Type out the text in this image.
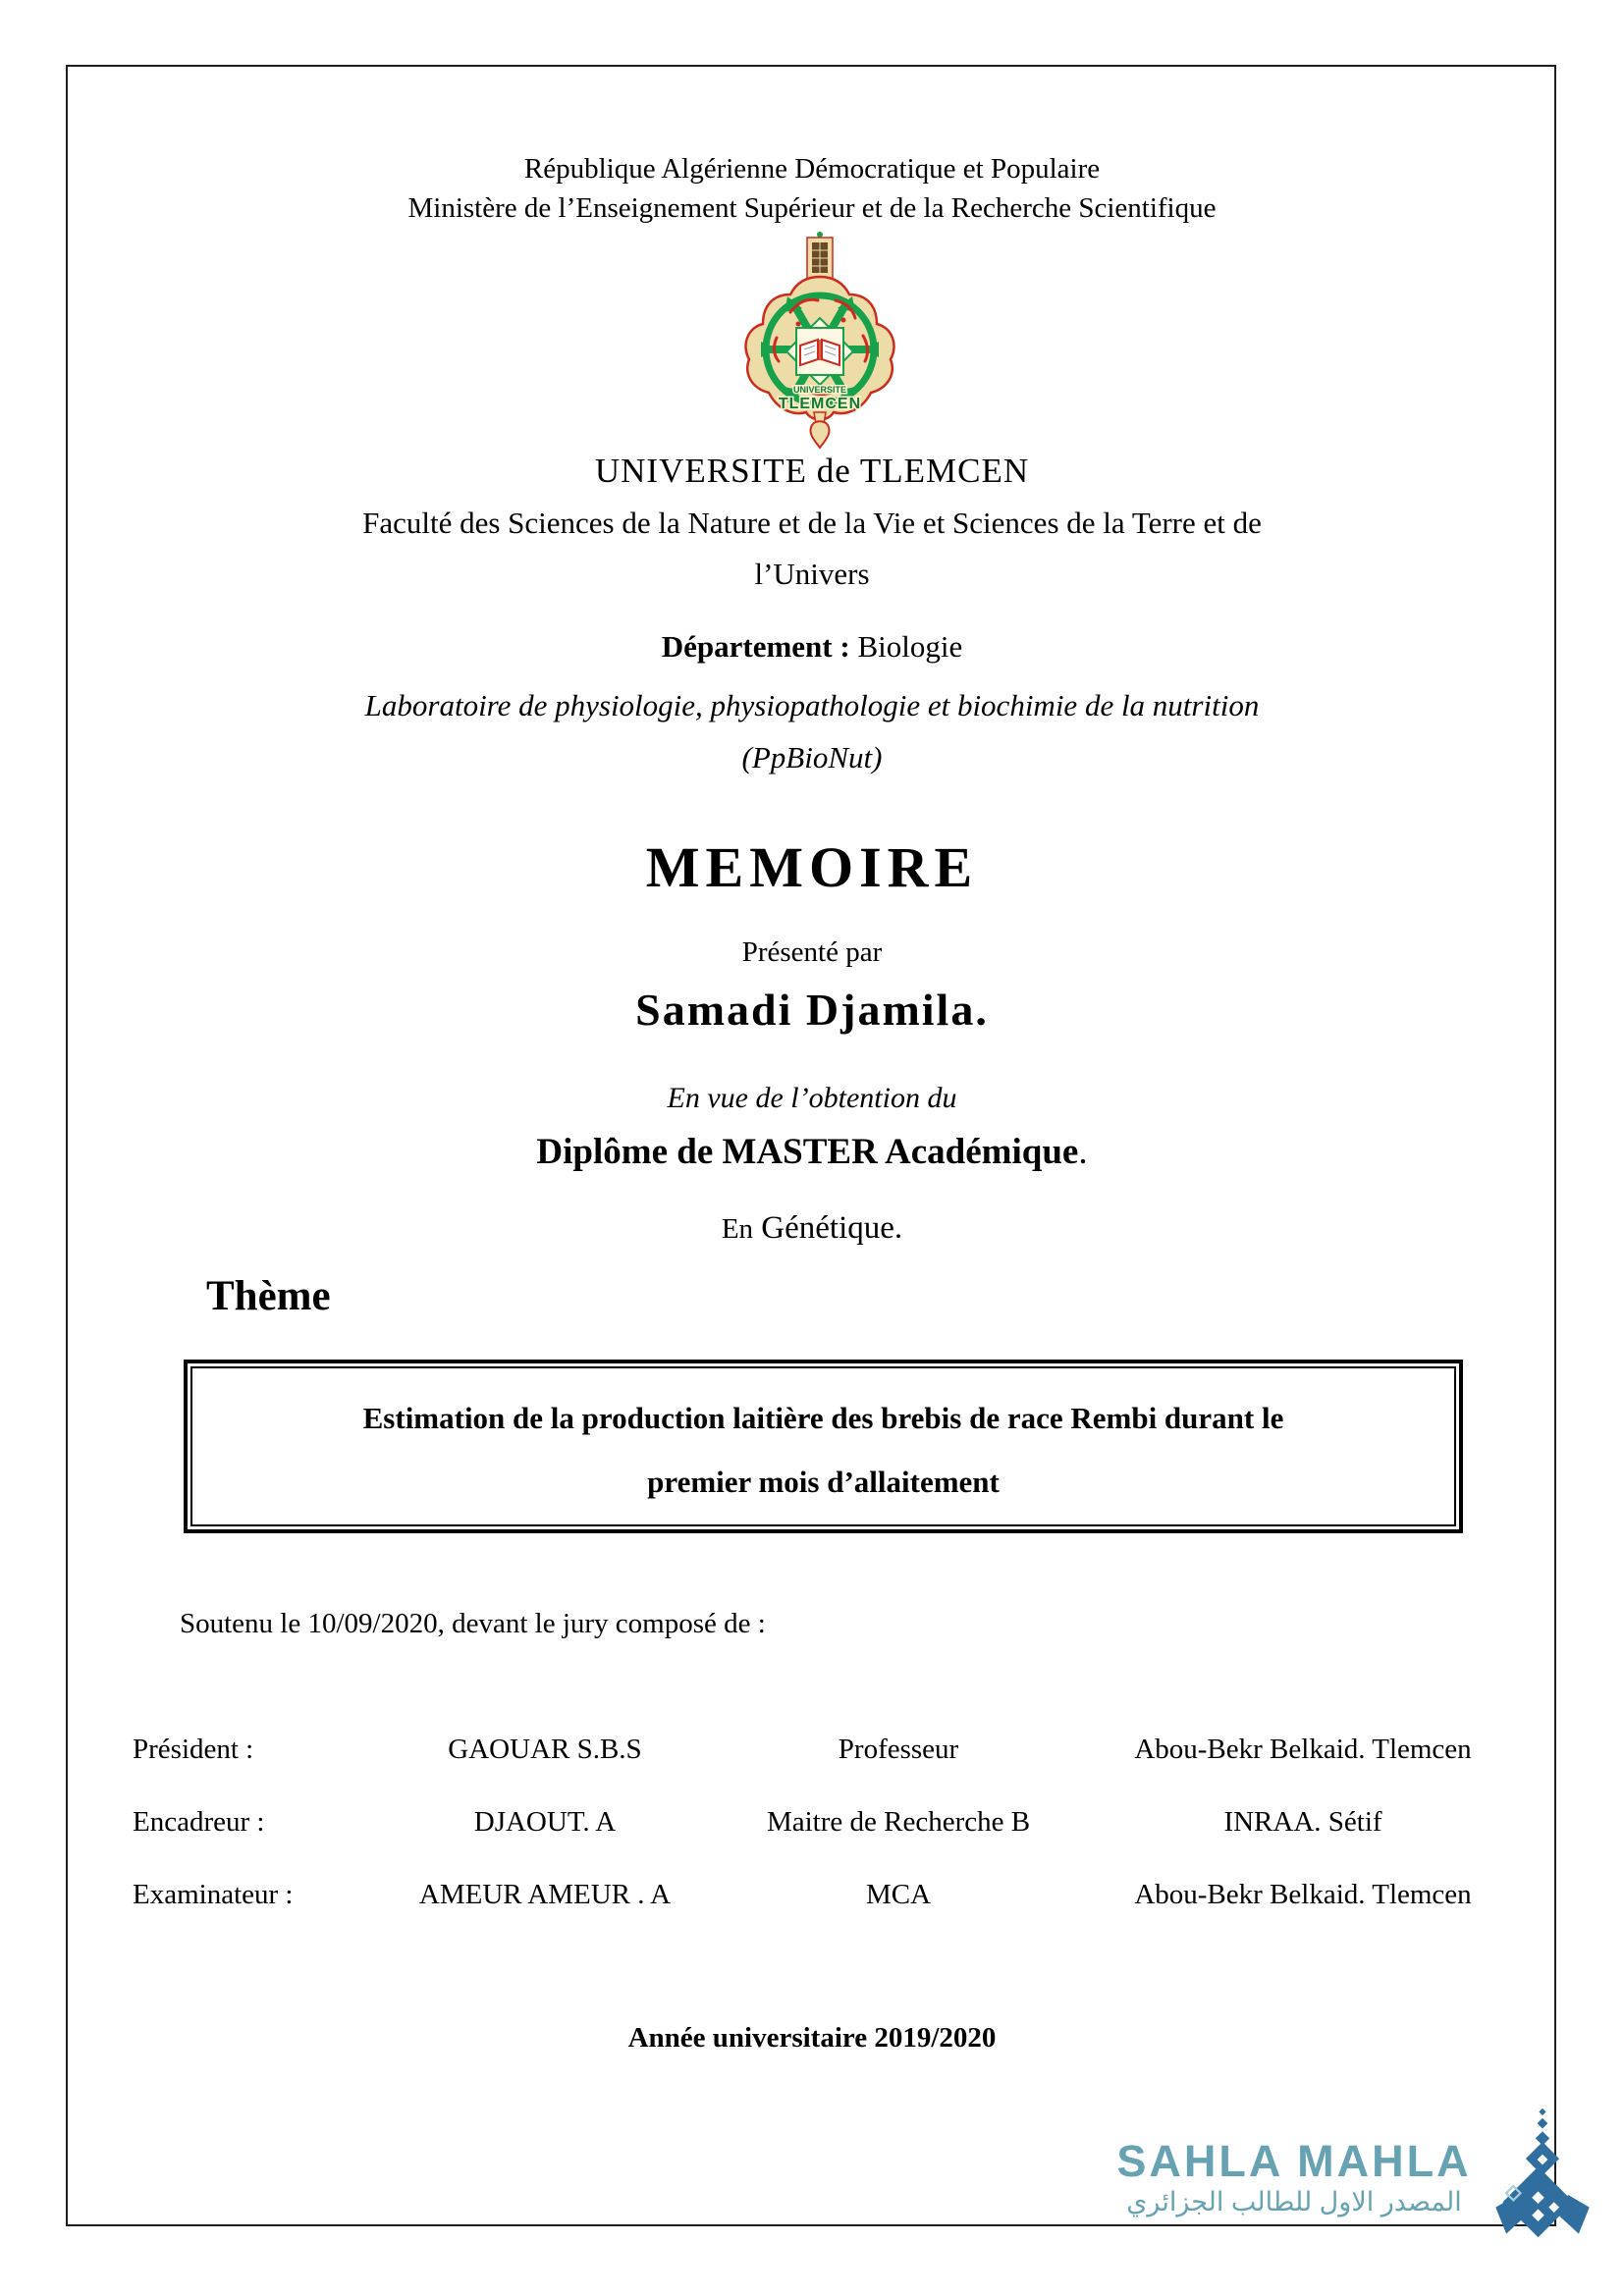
République Algérienne Démocratique et Populaire
Ministère de l’Enseignement Supérieur et de la Recherche Scientifique
UNIVERSITE
TLEMCEN
UNIVERSITE de TLEMCEN
Faculté des Sciences de la Nature et de la Vie et Sciences de la Terre et de
l’Univers
Département : Biologie
Laboratoire de physiologie, physiopathologie et biochimie de la nutrition
(PpBioNut)
MEMOIRE
Présenté par
Samadi Djamila.
En vue de l’obtention du
Diplôme de MASTER Académique.
En Génétique.
Thème
Estimation de la production laitière des brebis de race Rembi durant le
premier mois d’allaitement
Soutenu le 10/09/2020, devant le jury composé de :
Président :	GAOUAR S.B.S	Professeur	Abou-Bekr Belkaid. Tlemcen
Encadreur :	DJAOUT. A	Maitre de Recherche B	INRAA. Sétif
Examinateur :	AMEUR AMEUR . A	MCA	Abou-Bekr Belkaid. Tlemcen
Année universitaire 2019/2020
SAHLA MAHLA
المصدر الاول للطالب الجزائري
